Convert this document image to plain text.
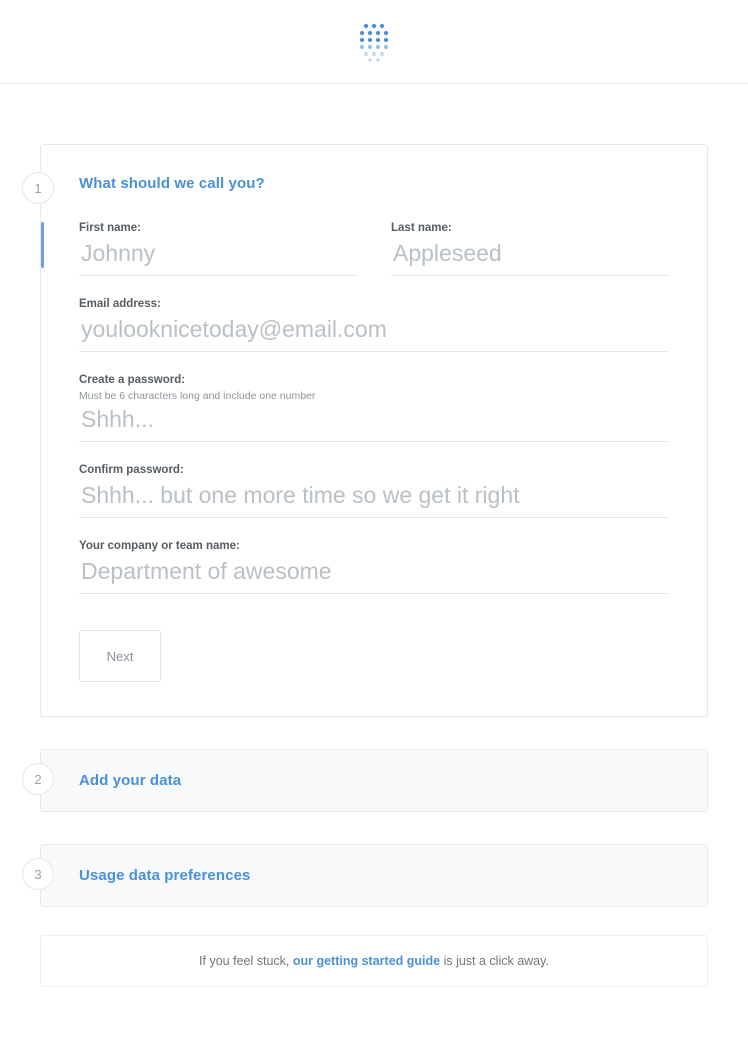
1 What should we call you?
First name:
Johnny	Last name:
Appleseed
Email address:
youlooknicetoday@email.com
Create a password:
Must be 6 characters long and include one number
Shhh...
Confirm password:
Shhh... but one more time so we get it right
Your company or team name:
Department of awesome
Next
2 Add your data
3 Usage data preferences
If you feel stuck, our getting started guide is just a click away.
